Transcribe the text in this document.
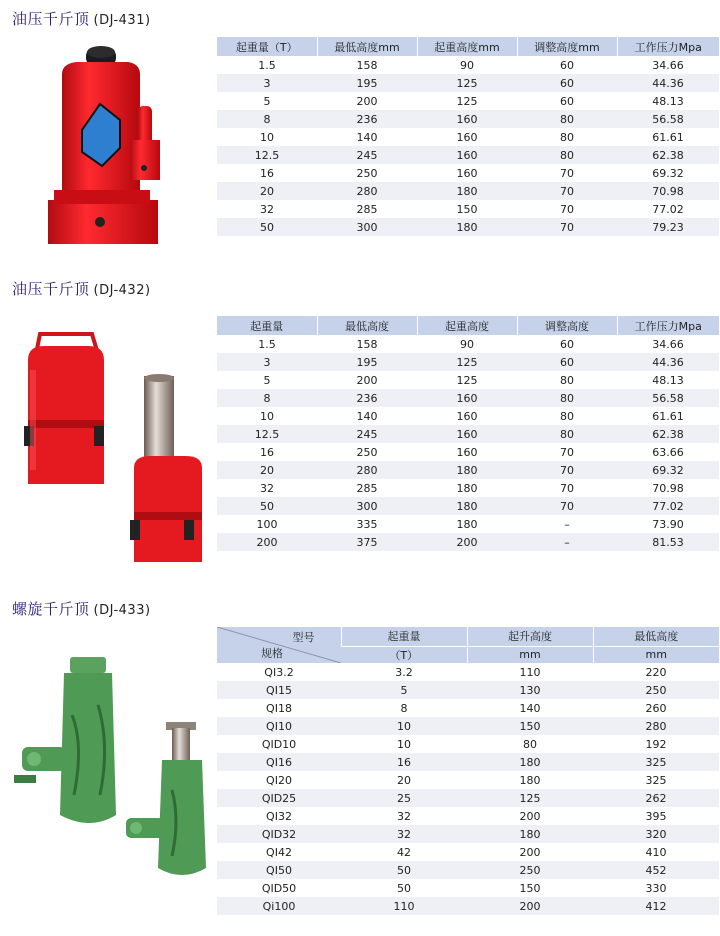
油压千斤顶 (DJ-431)
起重量（T）	最低高度mm	起重高度mm	调整高度mm	工作压力Mpa
1.5	158	90	60	34.66
3	195	125	60	44.36
5	200	125	60	48.13
8	236	160	80	56.58
10	140	160	80	61.61
12.5	245	160	80	62.38
16	250	160	70	69.32
20	280	180	70	70.98
32	285	150	70	77.02
50	300	180	70	79.23
油压千斤顶 (DJ-432)
起重量	最低高度	起重高度	调整高度	工作压力Mpa
1.5	158	90	60	34.66
3	195	125	60	44.36
5	200	125	80	48.13
8	236	160	80	56.58
10	140	160	80	61.61
12.5	245	160	80	62.38
16	250	160	70	63.66
20	280	180	70	69.32
32	285	180	70	70.98
50	300	180	70	77.02
100	335	180	–	73.90
200	375	200	–	81.53
螺旋千斤顶 (DJ-433)
型号
规格	起重量	起升高度	最低高度
	（T）	mm	mm
QI3.2	3.2	110	220
QI15	5	130	250
QI18	8	140	260
QI10	10	150	280
QID10	10	80	192
QI16	16	180	325
QI20	20	180	325
QID25	25	125	262
QI32	32	200	395
QID32	32	180	320
QI42	42	200	410
QI50	50	250	452
QID50	50	150	330
Qi100	110	200	412
